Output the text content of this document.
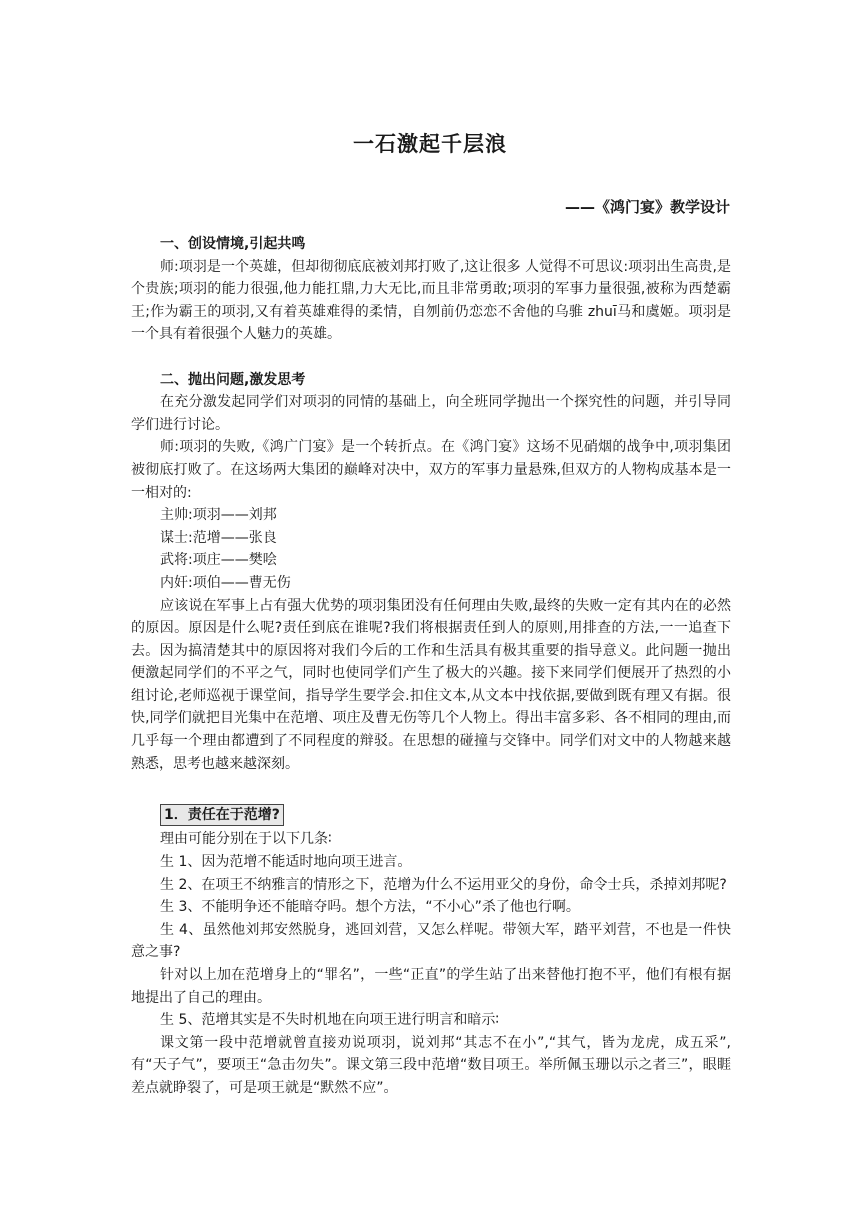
一石激起千层浪
——《鸿门宴》教学设计

一、创设情境,引起共鸣

师:项羽是一个英雄，但却彻彻底底被刘邦打败了,这让很多 人觉得不可思议:项羽出生高贵,是个贵族;项羽的能力很强,他力能扛鼎,力大无比,而且非常勇敢;项羽的军事力量很强,被称为西楚霸王;作为霸王的项羽,又有着英雄难得的柔情，自刎前仍恋恋不舍他的乌骓 zhuī马和虞姬。项羽是一个具有着很强个人魅力的英雄。

二、抛出问题,激发思考

在充分激发起同学们对项羽的同情的基础上，向全班同学抛出一个探究性的问题，并引导同学们进行讨论。

师:项羽的失败,《鸿广门宴》是一个转折点。在《鸿门宴》这场不见硝烟的战争中,项羽集团被彻底打败了。在这场两大集团的巅峰对决中，双方的军事力量悬殊,但双方的人物构成基本是一一相对的:

主帅:项羽——刘邦

谋士:范增——张良

武将:项庄——樊哙

内奸:项伯——曹无伤

应该说在军事上占有强大优势的项羽集团没有任何理由失败,最终的失败一定有其内在的必然的原因。原因是什么呢?责任到底在谁呢?我们将根据责任到人的原则,用排查的方法,一一追查下去。因为搞清楚其中的原因将对我们今后的工作和生活具有极其重要的指导意义。此问题一抛出便激起同学们的不平之气，同时也使同学们产生了极大的兴趣。接下来同学们便展开了热烈的小组讨论,老师巡视于课堂间，指导学生要学会.扣住文本,从文本中找依据,要做到既有理又有据。很快,同学们就把目光集中在范增、项庄及曹无伤等几个人物上。得出丰富多彩、各不相同的理由,而几乎每一个理由都遭到了不同程度的辩驳。在思想的碰撞与交锋中。同学们对文中的人物越来越熟悉，思考也越来越深刻。

1．责任在于范增?

理由可能分别在于以下几条∶

生 1、因为范增不能适时地向项王进言。

生 2、在项王不纳雅言的情形之下，范增为什么不运用亚父的身份，命令士兵，杀掉刘邦呢?

生 3、不能明争还不能暗夺吗。想个方法，“不小心”杀了他也行啊。

生 4、虽然他刘邦安然脱身，逃回刘营，又怎么样呢。带领大军，踏平刘营，不也是一件快意之事?

针对以上加在范增身上的“罪名”，一些“正直”的学生站了出来替他打抱不平，他们有根有据地提出了自己的理由。

生 5、范增其实是不失时机地在向项王进行明言和暗示∶

课文第一段中范增就曾直接劝说项羽，说刘邦“其志不在小”,“其气，皆为龙虎，成五采”,有“天子气”，要项王“急击勿失”。课文第三段中范增“数目项王。举所佩玉珊以示之者三”，眼睚差点就睁裂了，可是项王就是“默然不应”。
